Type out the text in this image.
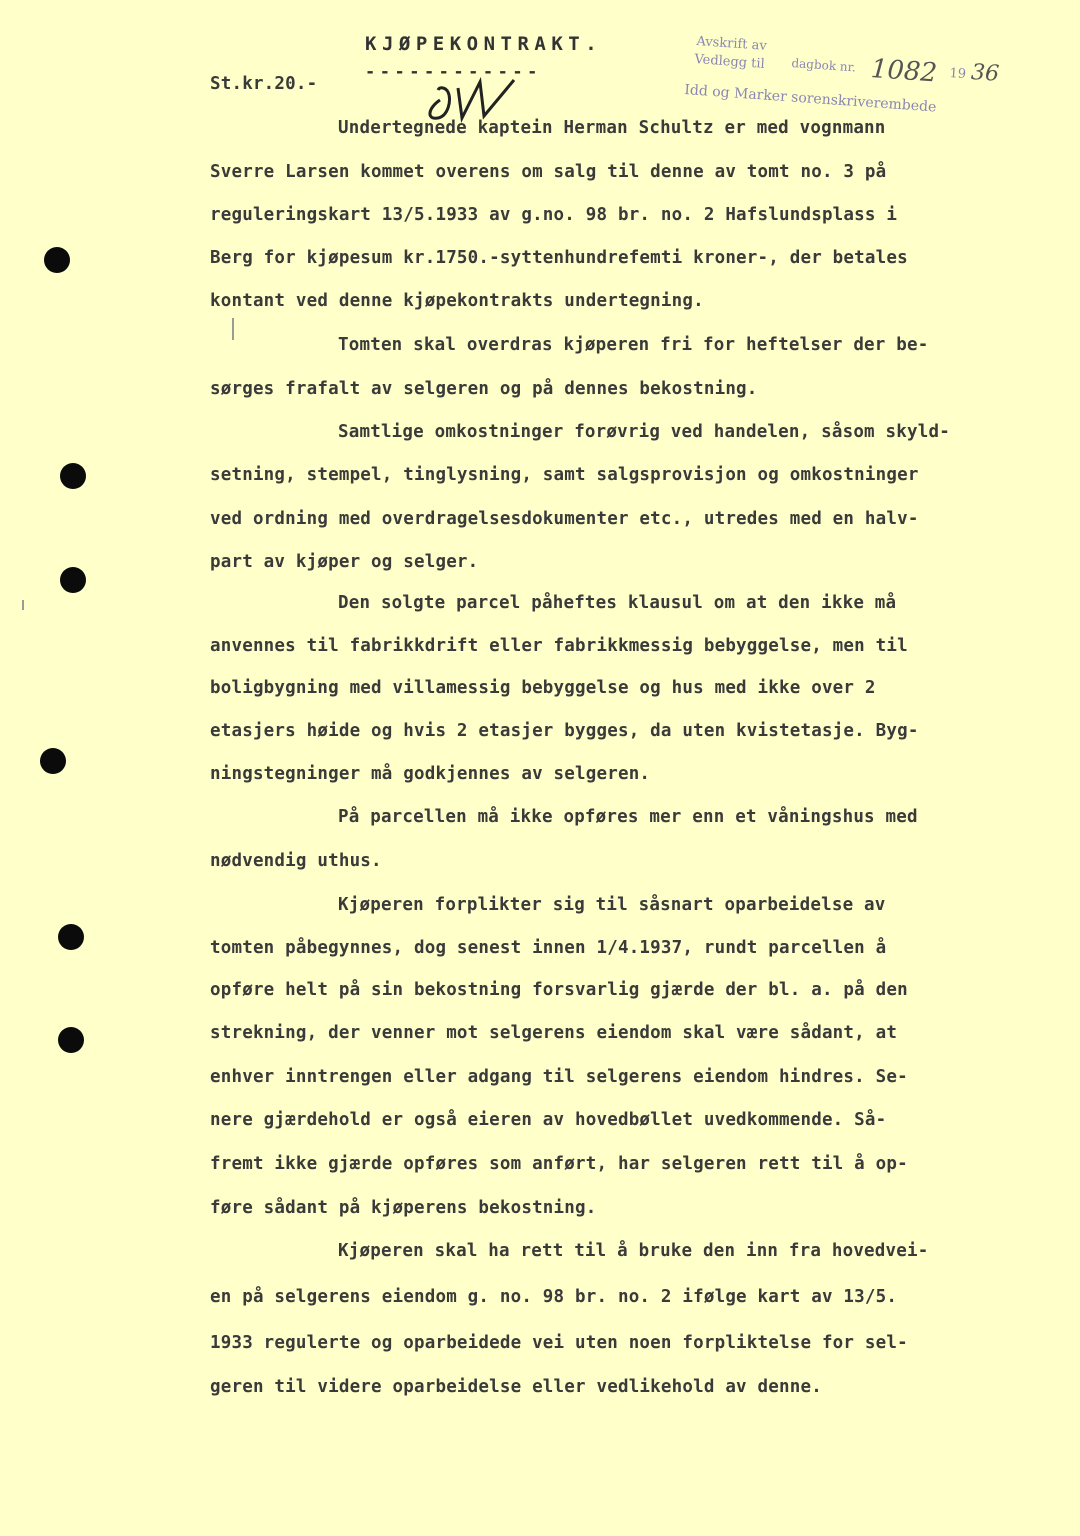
KJØPEKONTRAKT.
------------
St.kr.20.-
Avskrift av
Vedlegg til dagbok nr. 1082 19 36
Idd og Marker sorenskriverembede
Undertegnede kaptein Herman Schultz er med vognmann
Sverre Larsen kommet overens om salg til denne av tomt no. 3 på
reguleringskart 13/5.1933 av g.no. 98 br. no. 2 Hafslundsplass i
Berg for kjøpesum kr.1750.-syttenhundrefemti kroner-, der betales
kontant ved denne kjøpekontrakts undertegning.
Tomten skal overdras kjøperen fri for heftelser der be-
sørges frafalt av selgeren og på dennes bekostning.
Samtlige omkostninger forøvrig ved handelen, såsom skyld-
setning, stempel, tinglysning, samt salgsprovisjon og omkostninger
ved ordning med overdragelsesdokumenter etc., utredes med en halv-
part av kjøper og selger.
Den solgte parcel påheftes klausul om at den ikke må
anvennes til fabrikkdrift eller fabrikkmessig bebyggelse, men til
boligbygning med villamessig bebyggelse og hus med ikke over 2
etasjers høide og hvis 2 etasjer bygges, da uten kvistetasje. Byg-
ningstegninger må godkjennes av selgeren.
På parcellen må ikke opføres mer enn et våningshus med
nødvendig uthus.
Kjøperen forplikter sig til såsnart oparbeidelse av
tomten påbegynnes, dog senest innen 1/4.1937, rundt parcellen å
opføre helt på sin bekostning forsvarlig gjærde der bl. a. på den
strekning, der venner mot selgerens eiendom skal være sådant, at
enhver inntrengen eller adgang til selgerens eiendom hindres. Se-
nere gjærdehold er også eieren av hovedbøllet uvedkommende. Så-
fremt ikke gjærde opføres som anført, har selgeren rett til å op-
føre sådant på kjøperens bekostning.
Kjøperen skal ha rett til å bruke den inn fra hovedvei-
en på selgerens eiendom g. no. 98 br. no. 2 ifølge kart av 13/5.
1933 regulerte og oparbeidede vei uten noen forpliktelse for sel-
geren til videre oparbeidelse eller vedlikehold av denne.
